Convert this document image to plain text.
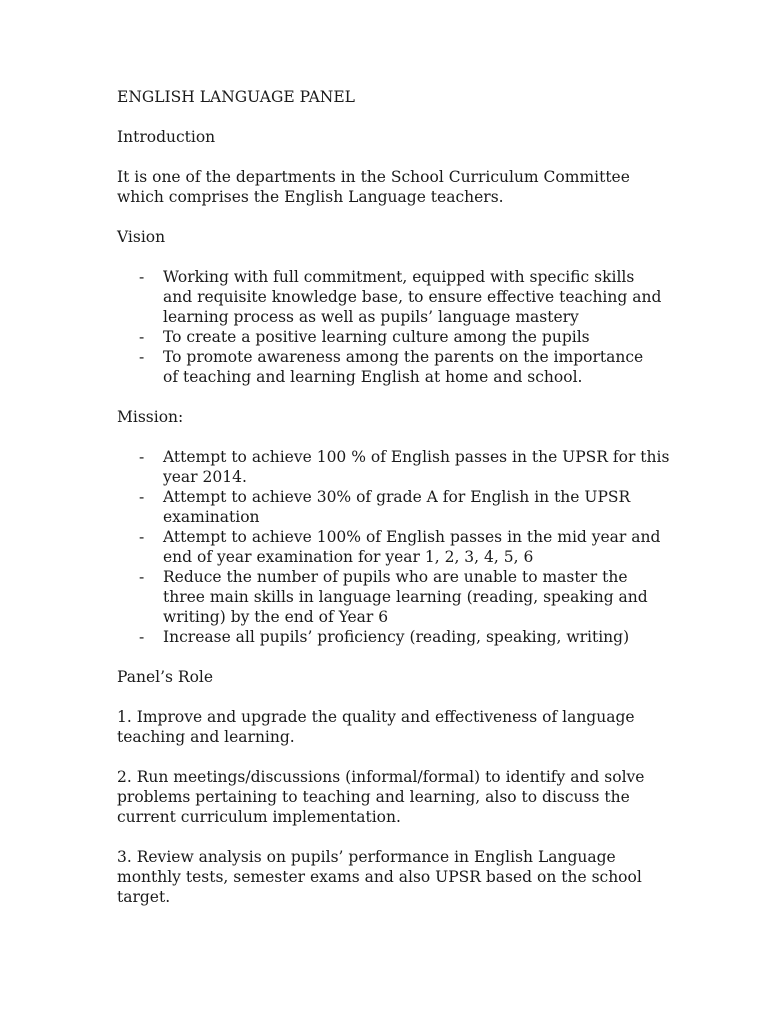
ENGLISH LANGUAGE PANEL
Introduction
It is one of the departments in the School Curriculum Committee
which comprises the English Language teachers.
Vision
- Working with full commitment, equipped with specific skills
and requisite knowledge base, to ensure effective teaching and
learning process as well as pupils’ language mastery
- To create a positive learning culture among the pupils
- To promote awareness among the parents on the importance
of teaching and learning English at home and school.
Mission:
- Attempt to achieve 100 % of English passes in the UPSR for this
year 2014.
- Attempt to achieve 30% of grade A for English in the UPSR
examination
- Attempt to achieve 100% of English passes in the mid year and
end of year examination for year 1, 2, 3, 4, 5, 6
- Reduce the number of pupils who are unable to master the
three main skills in language learning (reading, speaking and
writing) by the end of Year 6
- Increase all pupils’ proficiency (reading, speaking, writing)
Panel’s Role
1. Improve and upgrade the quality and effectiveness of language
teaching and learning.
2. Run meetings/discussions (informal/formal) to identify and solve
problems pertaining to teaching and learning, also to discuss the
current curriculum implementation.
3. Review analysis on pupils’ performance in English Language
monthly tests, semester exams and also UPSR based on the school
target.
